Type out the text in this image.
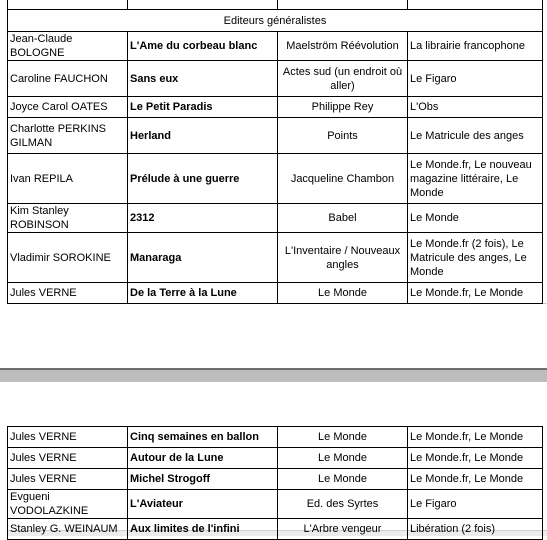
Editeurs généralistes			
Jean-Claude BOLOGNE	L'Ame du corbeau blanc	Maelström Réévolution	La librairie francophone
Caroline FAUCHON	Sans eux	Actes sud (un endroit où aller)	Le Figaro
Joyce Carol OATES	Le Petit Paradis	Philippe Rey	L'Obs
Charlotte PERKINS GILMAN	Herland	Points	Le Matricule des anges
Ivan REPILA	Prélude à une guerre	Jacqueline Chambon	Le Monde.fr, Le nouveau magazine littéraire, Le Monde
Kim Stanley ROBINSON	2312	Babel	Le Monde
Vladimir SOROKINE	Manaraga	L'Inventaire / Nouveaux angles	Le Monde.fr (2 fois), Le Matricule des anges, Le Monde
Jules VERNE	De la Terre à la Lune	Le Monde	Le Monde.fr, Le Monde
Jules VERNE	Cinq semaines en ballon	Le Monde	Le Monde.fr, Le Monde
Jules VERNE	Autour de la Lune	Le Monde	Le Monde.fr, Le Monde
Jules VERNE	Michel Strogoff	Le Monde	Le Monde.fr, Le Monde
Evgueni VODOLAZKINE	L'Aviateur	Ed. des Syrtes	Le Figaro
Stanley G. WEINAUM	Aux limites de l'infini	L'Arbre vengeur	Libération (2 fois)
